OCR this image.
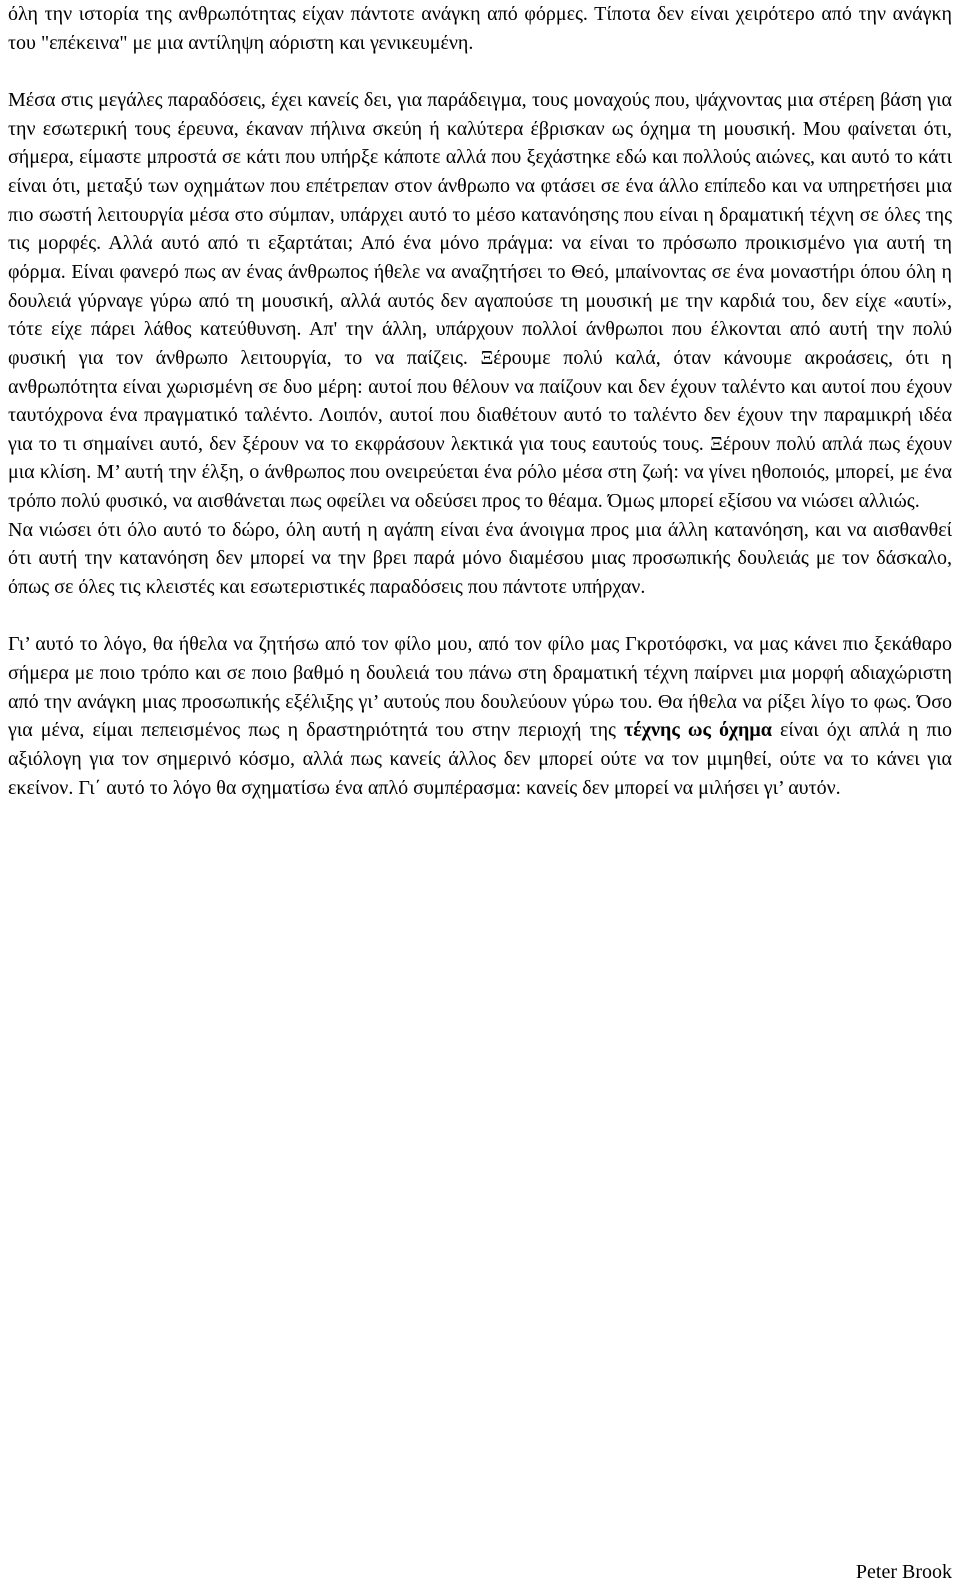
όλη την ιστορία της ανθρωπότητας είχαν πάντοτε ανάγκη από φόρμες. Τίποτα δεν είναι χειρότερο από την ανάγκη του "επέκεινα" με μια αντίληψη αόριστη και γενικευμένη.

Μέσα στις μεγάλες παραδόσεις, έχει κανείς δει, για παράδειγμα, τους μοναχούς που, ψάχνοντας μια στέρεη βάση για την εσωτερική τους έρευνα, έκαναν πήλινα σκεύη ή καλύτερα έβρισκαν ως όχημα τη μουσική. Μου φαίνεται ότι, σήμερα, είμαστε μπροστά σε κάτι που υπήρξε κάποτε αλλά που ξεχάστηκε εδώ και πολλούς αιώνες, και αυτό το κάτι είναι ότι, μεταξύ των οχημάτων που επέτρεπαν στον άνθρωπο να φτάσει σε ένα άλλο επίπεδο και να υπηρετήσει μια πιο σωστή λειτουργία μέσα στο σύμπαν, υπάρχει αυτό το μέσο κατανόησης που είναι η δραματική τέχνη σε όλες της τις μορφές. Αλλά αυτό από τι εξαρτάται; Από ένα μόνο πράγμα: να είναι το πρόσωπο προικισμένο για αυτή τη φόρμα. Είναι φανερό πως αν ένας άνθρωπος ήθελε να αναζητήσει το Θεό, μπαίνοντας σε ένα μοναστήρι όπου όλη η δουλειά γύρναγε γύρω από τη μουσική, αλλά αυτός δεν αγαπούσε τη μουσική με την καρδιά του, δεν είχε «αυτί», τότε είχε πάρει λάθος κατεύθυνση. Απ' την άλλη, υπάρχουν πολλοί άνθρωποι που έλκονται από αυτή την πολύ φυσική για τον άνθρωπο λειτουργία, το να παίζεις. Ξέρουμε πολύ καλά, όταν κάνουμε ακροάσεις, ότι η ανθρωπότητα είναι χωρισμένη σε δυο μέρη: αυτοί που θέλουν να παίζουν και δεν έχουν ταλέντο και αυτοί που έχουν ταυτόχρονα ένα πραγματικό ταλέντο. Λοιπόν, αυτοί που διαθέτουν αυτό το ταλέντο δεν έχουν την παραμικρή ιδέα για το τι σημαίνει αυτό, δεν ξέρουν να το εκφράσουν λεκτικά για τους εαυτούς τους. Ξέρουν πολύ απλά πως έχουν μια κλίση. Μ’ αυτή την έλξη, ο άνθρωπος που ονειρεύεται ένα ρόλο μέσα στη ζωή: να γίνει ηθοποιός, μπορεί, με ένα τρόπο πολύ φυσικό, να αισθάνεται πως οφείλει να οδεύσει προς το θέαμα. Όμως μπορεί εξίσου να νιώσει αλλιώς.

Να νιώσει ότι όλο αυτό το δώρο, όλη αυτή η αγάπη είναι ένα άνοιγμα προς μια άλλη κατανόηση, και να αισθανθεί ότι αυτή την κατανόηση δεν μπορεί να την βρει παρά μόνο διαμέσου μιας προσωπικής δουλειάς με τον δάσκαλο, όπως σε όλες τις κλειστές και εσωτεριστικές παραδόσεις που πάντοτε υπήρχαν.

Γι’ αυτό το λόγο, θα ήθελα να ζητήσω από τον φίλο μου, από τον φίλο μας Γκροτόφσκι, να μας κάνει πιο ξεκάθαρο σήμερα με ποιο τρόπο και σε ποιο βαθμό η δουλειά του πάνω στη δραματική τέχνη παίρνει μια μορφή αδιαχώριστη από την ανάγκη μιας προσωπικής εξέλιξης γι’ αυτούς που δουλεύουν γύρω του. Θα ήθελα να ρίξει λίγο το φως. Όσο για μένα, είμαι πεπεισμένος πως η δραστηριότητά του στην περιοχή της τέχνης ως όχημα είναι όχι απλά η πιο αξιόλογη για τον σημερινό κόσμο, αλλά πως κανείς άλλος δεν μπορεί ούτε να τον μιμηθεί, ούτε να το κάνει για εκείνον. Γι΄ αυτό το λόγο θα σχηματίσω ένα απλό συμπέρασμα: κανείς δεν μπορεί να μιλήσει γι’ αυτόν.

Peter Brook
